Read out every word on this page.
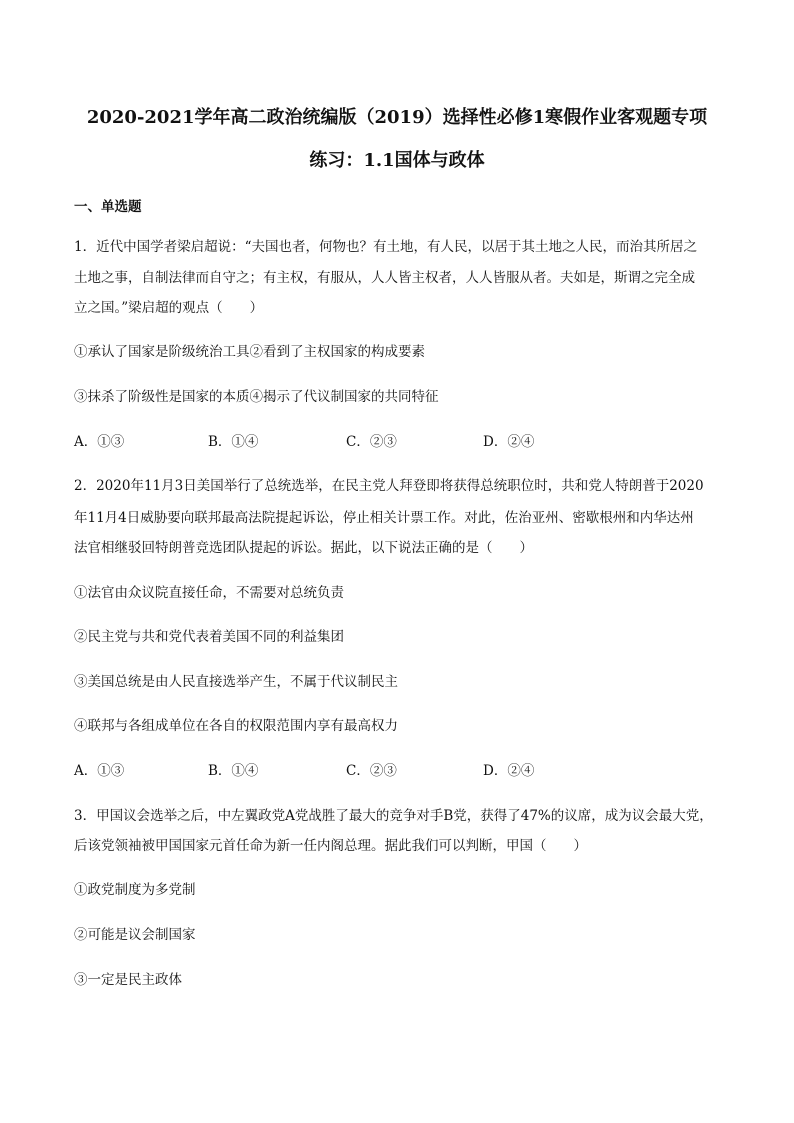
2020-2021学年高二政治统编版（2019）选择性必修1寒假作业客观题专项
练习：1.1国体与政体
一、单选题
1．近代中国学者梁启超说：“夫国也者，何物也？有土地，有人民，以居于其土地之人民，而治其所居之
土地之事，自制法律而自守之；有主权，有服从，人人皆主权者，人人皆服从者。夫如是，斯谓之完全成
立之国。”梁启超的观点（　　）
①承认了国家是阶级统治工具②看到了主权国家的构成要素
③抹杀了阶级性是国家的本质④揭示了代议制国家的共同特征
A．①③	B．①④	C．②③	D．②④
2．2020年11月3日美国举行了总统选举，在民主党人拜登即将获得总统职位时，共和党人特朗普于2020
年11月4日威胁要向联邦最高法院提起诉讼，停止相关计票工作。对此，佐治亚州、密歇根州和内华达州
法官相继驳回特朗普竞选团队提起的诉讼。据此，以下说法正确的是（　　）
①法官由众议院直接任命，不需要对总统负责
②民主党与共和党代表着美国不同的利益集团
③美国总统是由人民直接选举产生，不属于代议制民主
④联邦与各组成单位在各自的权限范围内享有最高权力
A．①③	B．①④	C．②③	D．②④
3．甲国议会选举之后，中左翼政党A党战胜了最大的竞争对手B党，获得了47%的议席，成为议会最大党，
后该党领袖被甲国国家元首任命为新一任内阁总理。据此我们可以判断，甲国（　　）
①政党制度为多党制
②可能是议会制国家
③一定是民主政体
